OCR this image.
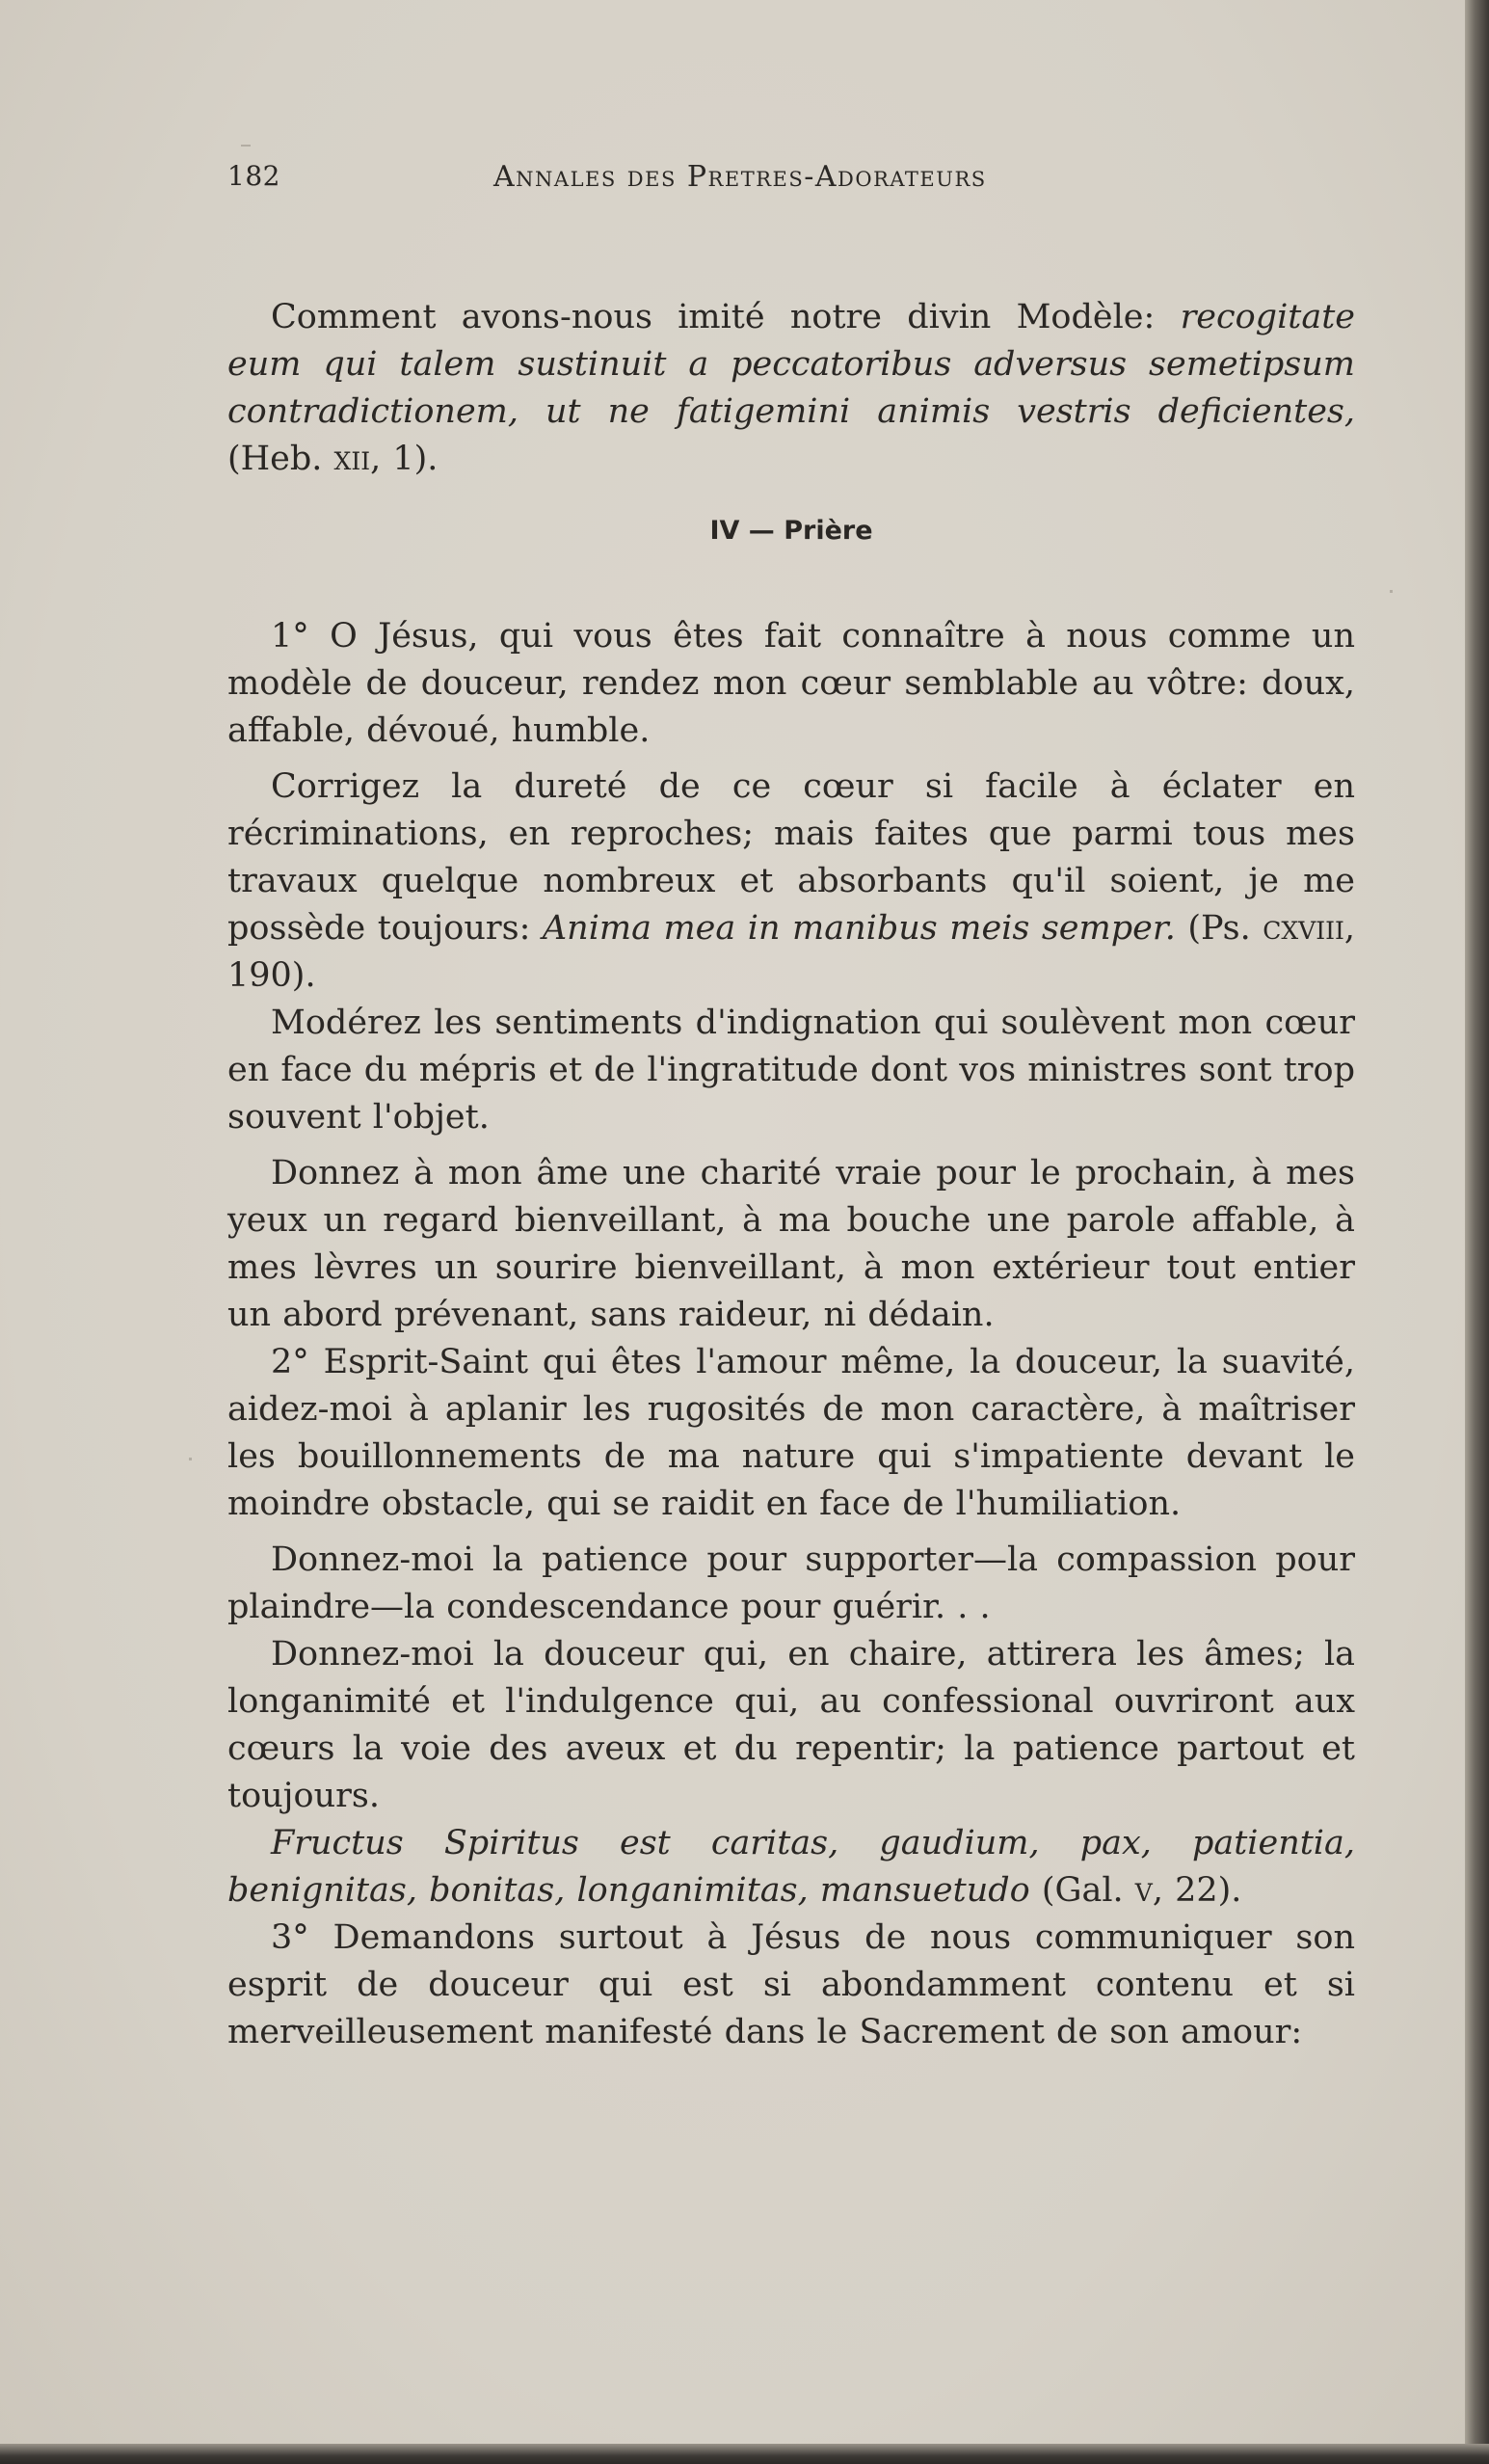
182	Annales des Pretres-Adorateurs

Comment avons-nous imité notre divin Modèle: recogitate eum qui talem sustinuit a peccatoribus adversus semetipsum contradictionem, ut ne fatigemini animis vestris deficientes, (Heb. xii, 1).

IV — Prière

1° O Jésus, qui vous êtes fait connaître à nous comme un modèle de douceur, rendez mon cœur semblable au vôtre: doux, affable, dévoué, humble.

Corrigez la dureté de ce cœur si facile à éclater en récriminations, en reproches; mais faites que parmi tous mes travaux quelque nombreux et absorbants qu'il soient, je me possède toujours: Anima mea in manibus meis semper. (Ps. cxviii, 190).

Modérez les sentiments d'indignation qui soulèvent mon cœur en face du mépris et de l'ingratitude dont vos ministres sont trop souvent l'objet.

Donnez à mon âme une charité vraie pour le prochain, à mes yeux un regard bienveillant, à ma bouche une parole affable, à mes lèvres un sourire bienveillant, à mon extérieur tout entier un abord prévenant, sans raideur, ni dédain.

2° Esprit-Saint qui êtes l'amour même, la douceur, la suavité, aidez-moi à aplanir les rugosités de mon caractère, à maîtriser les bouillonnements de ma nature qui s'impatiente devant le moindre obstacle, qui se raidit en face de l'humiliation.

Donnez-moi la patience pour supporter—la compassion pour plaindre—la condescendance pour guérir. . .

Donnez-moi la douceur qui, en chaire, attirera les âmes; la longanimité et l'indulgence qui, au confessional ouvriront aux cœurs la voie des aveux et du repentir; la patience partout et toujours.

Fructus Spiritus est caritas, gaudium, pax, patientia, benignitas, bonitas, longanimitas, mansuetudo (Gal. v, 22).

3° Demandons surtout à Jésus de nous communiquer son esprit de douceur qui est si abondamment contenu et si merveilleusement manifesté dans le Sacrement de son amour:
